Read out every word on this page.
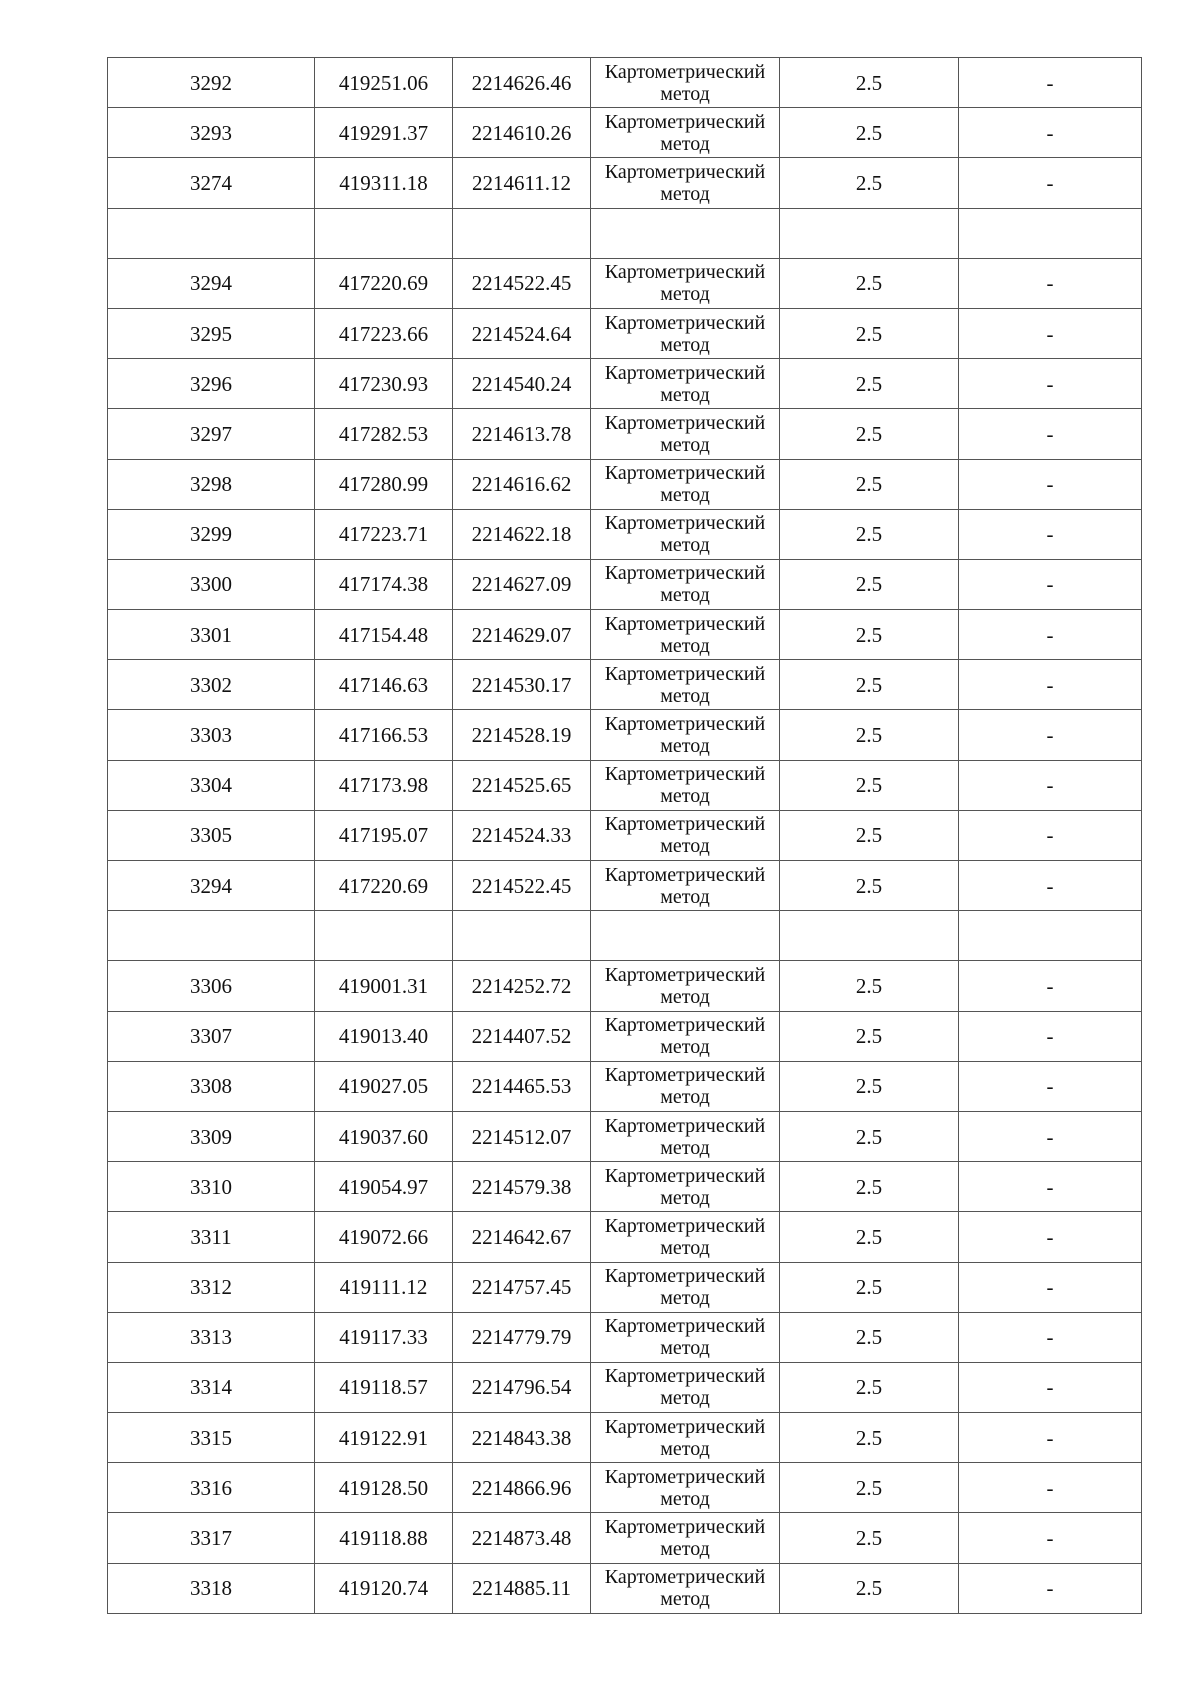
3292	419251.06	2214626.46	Картометрический метод	2.5	-
3293	419291.37	2214610.26	Картометрический метод	2.5	-
3274	419311.18	2214611.12	Картометрический метод	2.5	-

3294	417220.69	2214522.45	Картометрический метод	2.5	-
3295	417223.66	2214524.64	Картометрический метод	2.5	-
3296	417230.93	2214540.24	Картометрический метод	2.5	-
3297	417282.53	2214613.78	Картометрический метод	2.5	-
3298	417280.99	2214616.62	Картометрический метод	2.5	-
3299	417223.71	2214622.18	Картометрический метод	2.5	-
3300	417174.38	2214627.09	Картометрический метод	2.5	-
3301	417154.48	2214629.07	Картометрический метод	2.5	-
3302	417146.63	2214530.17	Картометрический метод	2.5	-
3303	417166.53	2214528.19	Картометрический метод	2.5	-
3304	417173.98	2214525.65	Картометрический метод	2.5	-
3305	417195.07	2214524.33	Картометрический метод	2.5	-
3294	417220.69	2214522.45	Картометрический метод	2.5	-

3306	419001.31	2214252.72	Картометрический метод	2.5	-
3307	419013.40	2214407.52	Картометрический метод	2.5	-
3308	419027.05	2214465.53	Картометрический метод	2.5	-
3309	419037.60	2214512.07	Картометрический метод	2.5	-
3310	419054.97	2214579.38	Картометрический метод	2.5	-
3311	419072.66	2214642.67	Картометрический метод	2.5	-
3312	419111.12	2214757.45	Картометрический метод	2.5	-
3313	419117.33	2214779.79	Картометрический метод	2.5	-
3314	419118.57	2214796.54	Картометрический метод	2.5	-
3315	419122.91	2214843.38	Картометрический метод	2.5	-
3316	419128.50	2214866.96	Картометрический метод	2.5	-
3317	419118.88	2214873.48	Картометрический метод	2.5	-
3318	419120.74	2214885.11	Картометрический метод	2.5	-
